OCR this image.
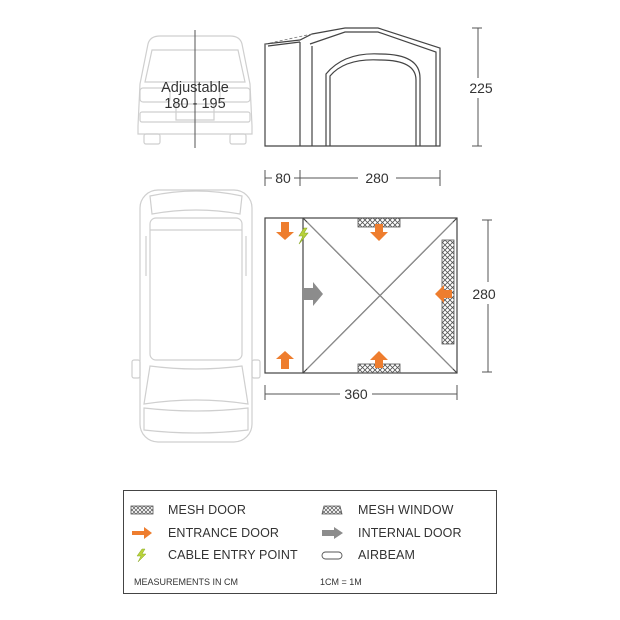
Adjustable
180 - 195
225
80	280
280
360
MESH DOOR
ENTRANCE DOOR
CABLE ENTRY POINT
MESH WINDOW
INTERNAL DOOR
AIRBEAM
MEASUREMENTS IN CM	1CM = 1M
